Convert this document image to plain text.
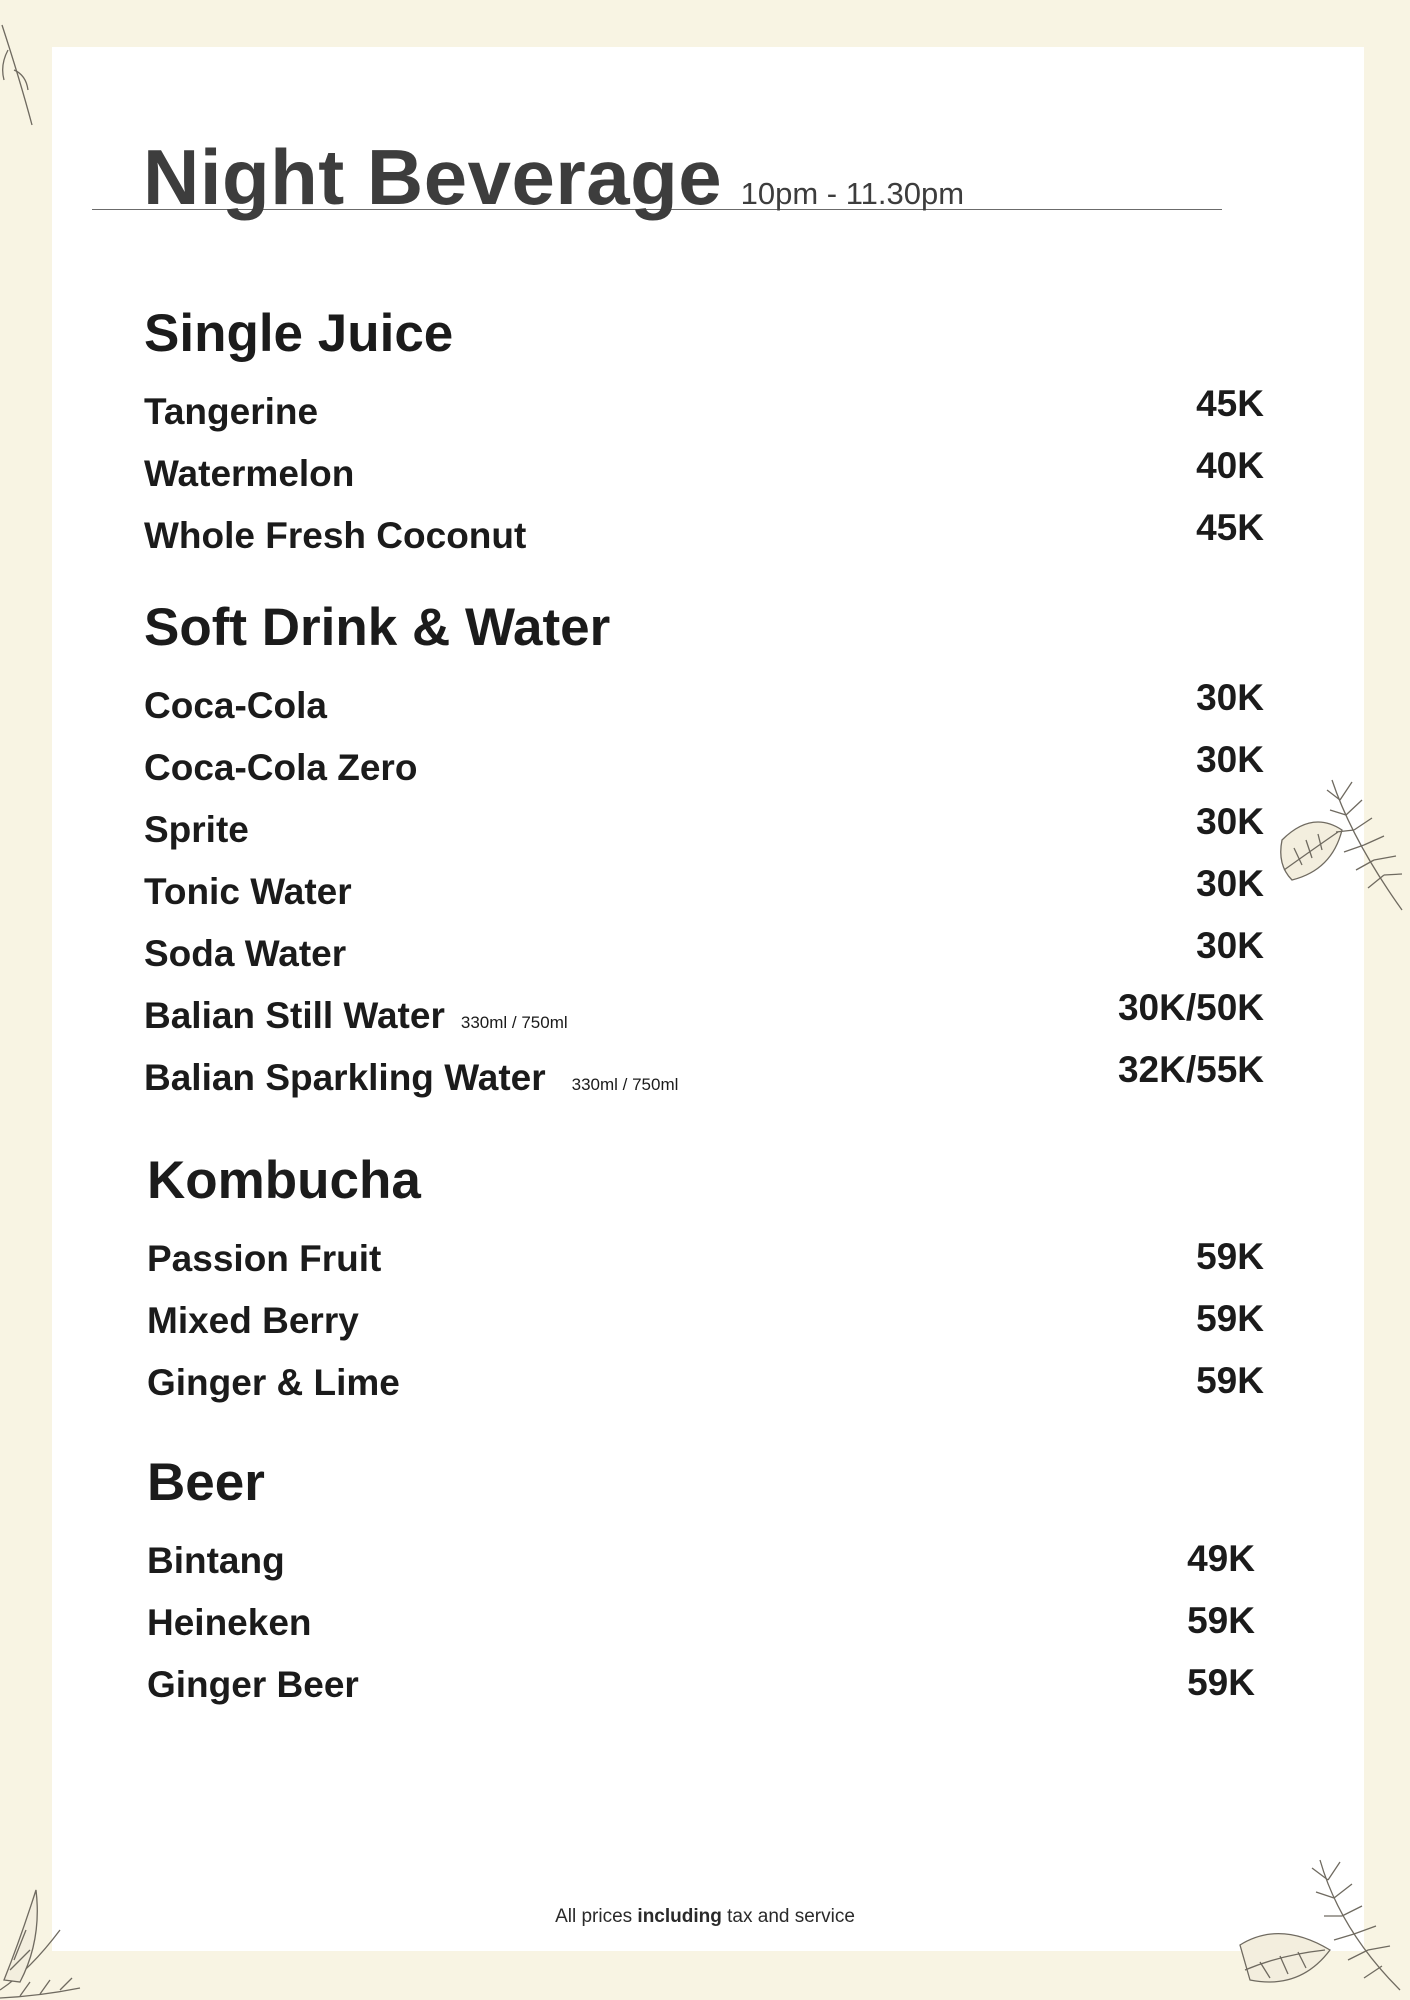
Night Beverage 10pm - 11.30pm
Single Juice
Tangerine	45K
Watermelon	40K
Whole Fresh Coconut	45K
Soft Drink & Water
Coca-Cola	30K
Coca-Cola Zero	30K
Sprite	30K
Tonic Water	30K
Soda Water	30K
Balian Still Water 330ml / 750ml	30K/50K
Balian Sparkling Water 330ml / 750ml	32K/55K
Kombucha
Passion Fruit	59K
Mixed Berry	59K
Ginger & Lime	59K
Beer
Bintang	49K
Heineken	59K
Ginger Beer	59K
All prices including tax and service
